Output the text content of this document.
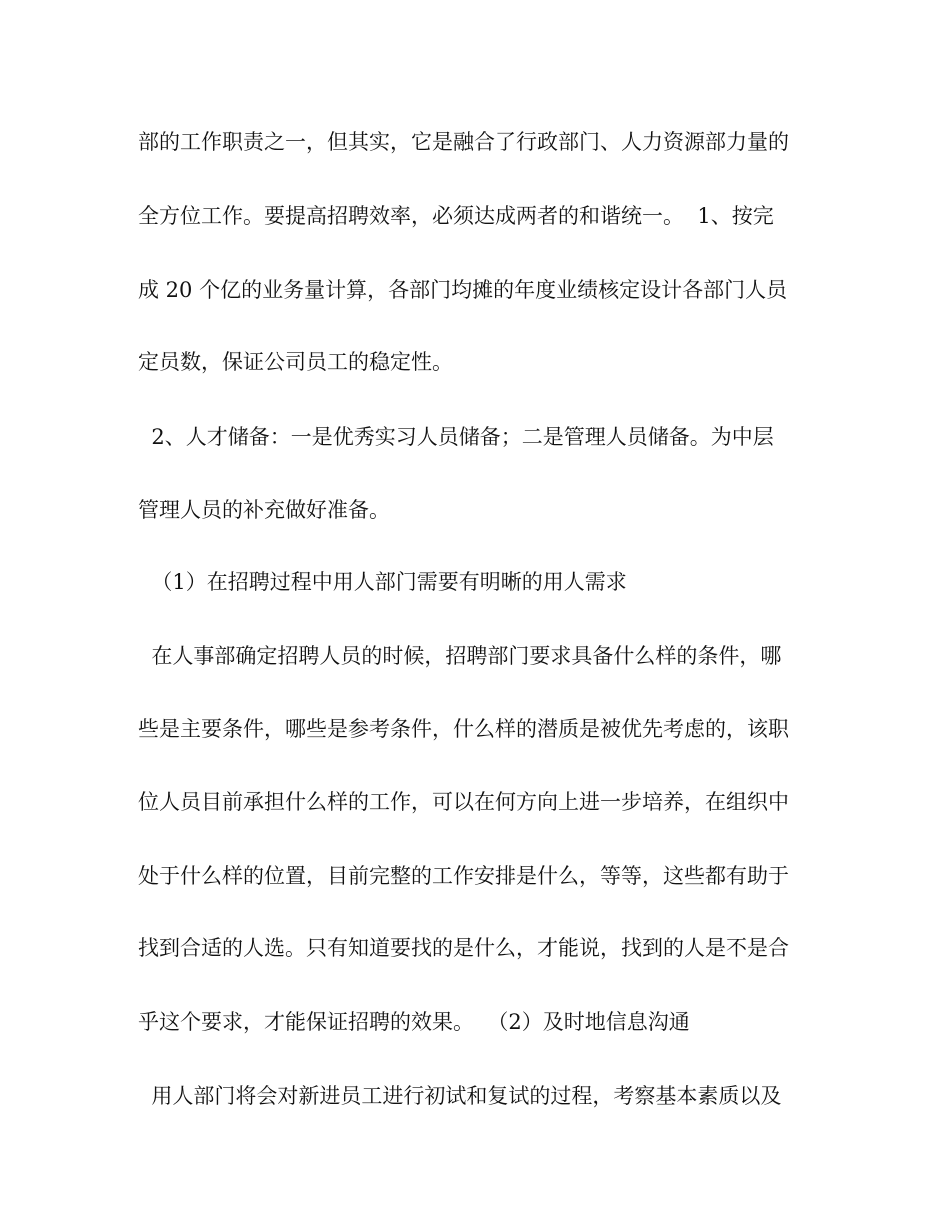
部的工作职责之一，但其实，它是融合了行政部门、人力资源部力量的
全方位工作。要提高招聘效率，必须达成两者的和谐统一。  1、按完
成 20 个亿的业务量计算，各部门均摊的年度业绩核定设计各部门人员
定员数，保证公司员工的稳定性。
2、人才储备：一是优秀实习人员储备；二是管理人员储备。为中层
管理人员的补充做好准备。
（1）在招聘过程中用人部门需要有明晰的用人需求
在人事部确定招聘人员的时候，招聘部门要求具备什么样的条件，哪
些是主要条件，哪些是参考条件，什么样的潜质是被优先考虑的，该职
位人员目前承担什么样的工作，可以在何方向上进一步培养，在组织中
处于什么样的位置，目前完整的工作安排是什么，等等，这些都有助于
找到合适的人选。只有知道要找的是什么，才能说，找到的人是不是合
乎这个要求，才能保证招聘的效果。  （2）及时地信息沟通
用人部门将会对新进员工进行初试和复试的过程，考察基本素质以及
